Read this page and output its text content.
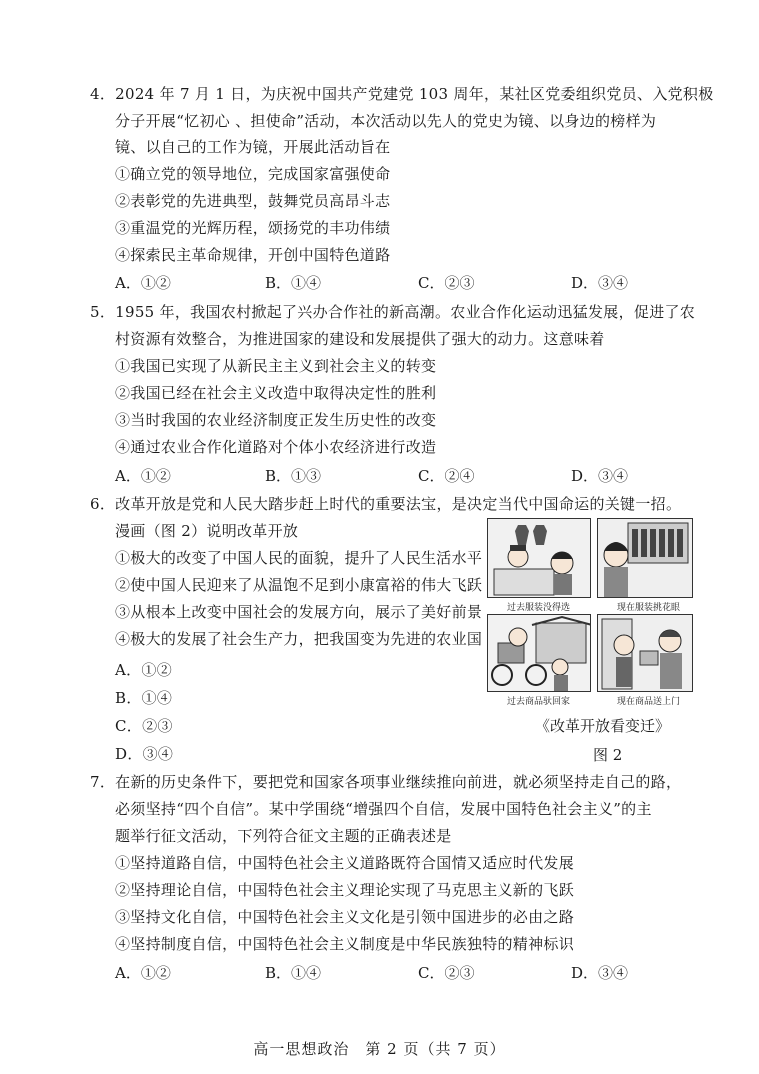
4．2024 年 7 月 1 日，为庆祝中国共产党建党 103 周年，某社区党委组织党员、入党积极
分子开展“忆初心 、担使命”活动，本次活动以先人的党史为镜、以身边的榜样为
镜、以自己的工作为镜，开展此活动旨在
①确立党的领导地位，完成国家富强使命
②表彰党的先进典型，鼓舞党员高昂斗志
③重温党的光辉历程，颂扬党的丰功伟绩
④探索民主革命规律，开创中国特色道路
A．①②	B．①④	C．②③	D．③④
5．1955 年，我国农村掀起了兴办合作社的新高潮。农业合作化运动迅猛发展，促进了农
村资源有效整合，为推进国家的建设和发展提供了强大的动力。这意味着
①我国已实现了从新民主主义到社会主义的转变
②我国已经在社会主义改造中取得决定性的胜利
③当时我国的农业经济制度正发生历史性的改变
④通过农业合作化道路对个体小农经济进行改造
A．①②	B．①③	C．②④	D．③④
6．改革开放是党和人民大踏步赶上时代的重要法宝，是决定当代中国命运的关键一招。
漫画（图 2）说明改革开放
①极大的改变了中国人民的面貌，提升了人民生活水平
②使中国人民迎来了从温饱不足到小康富裕的伟大飞跃
③从根本上改变中国社会的发展方向，展示了美好前景
④极大的发展了社会生产力，把我国变为先进的农业国
A．①②
B．①④
C．②③
D．③④
过去服装没得选	现在服装挑花眼
过去商品驮回家	现在商品送上门
《改革开放看变迁》
图 2
7．在新的历史条件下，要把党和国家各项事业继续推向前进，就必须坚持走自己的路，
必须坚持“四个自信”。某中学围绕“增强四个自信，发展中国特色社会主义”的主
题举行征文活动，下列符合征文主题的正确表述是
①坚持道路自信，中国特色社会主义道路既符合国情又适应时代发展
②坚持理论自信，中国特色社会主义理论实现了马克思主义新的飞跃
③坚持文化自信，中国特色社会主义文化是引领中国进步的必由之路
④坚持制度自信，中国特色社会主义制度是中华民族独特的精神标识
A．①②	B．①④	C．②③	D．③④
高一思想政治　第 2 页（共 7 页）
